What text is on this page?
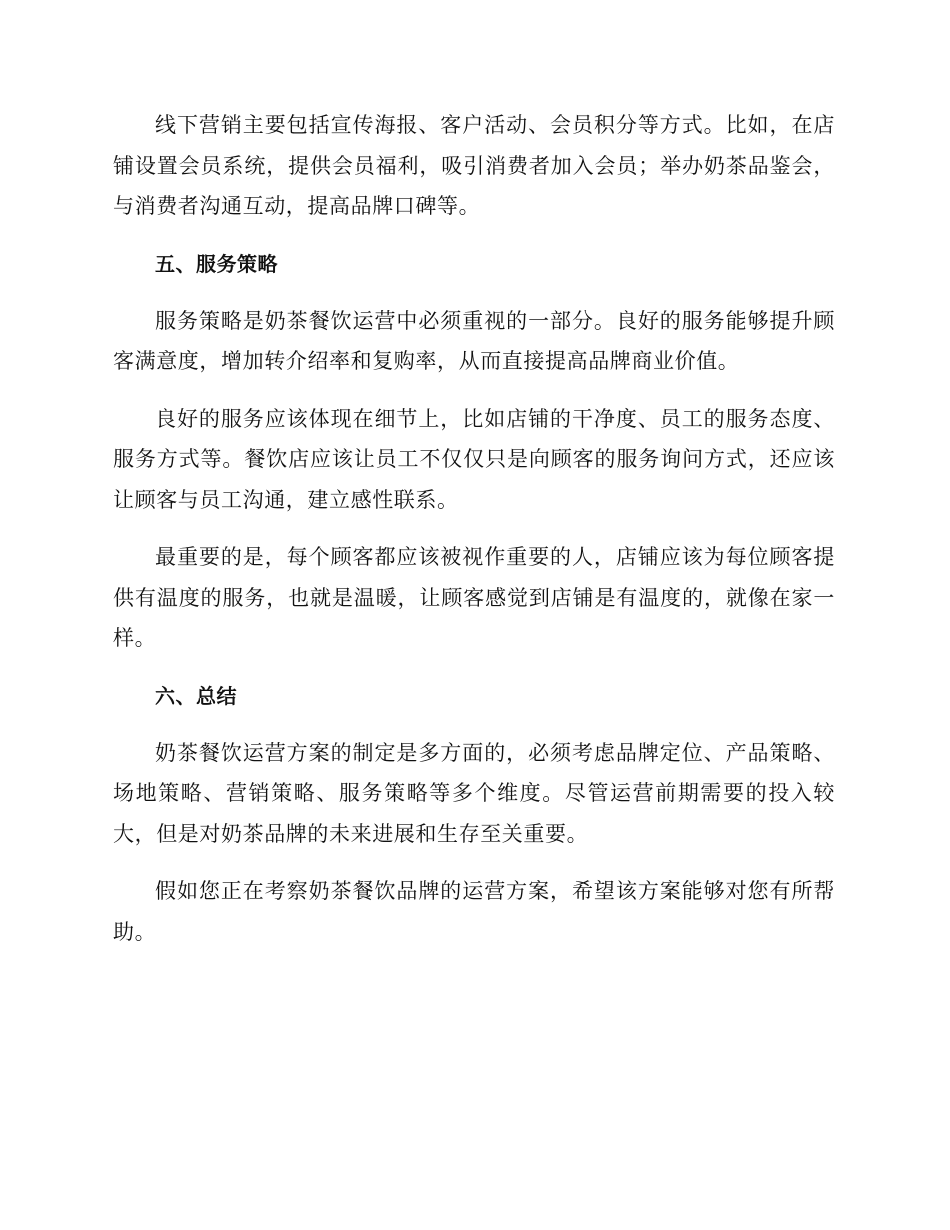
线下营销主要包括宣传海报、客户活动、会员积分等方式。比如，在店铺设置会员系统，提供会员福利，吸引消费者加入会员；举办奶茶品鉴会，与消费者沟通互动，提高品牌口碑等。

五、服务策略

服务策略是奶茶餐饮运营中必须重视的一部分。良好的服务能够提升顾客满意度，增加转介绍率和复购率，从而直接提高品牌商业价值。

良好的服务应该体现在细节上，比如店铺的干净度、员工的服务态度、服务方式等。餐饮店应该让员工不仅仅只是向顾客的服务询问方式，还应该让顾客与员工沟通，建立感性联系。

最重要的是，每个顾客都应该被视作重要的人，店铺应该为每位顾客提供有温度的服务，也就是温暖，让顾客感觉到店铺是有温度的，就像在家一样。

六、总结

奶茶餐饮运营方案的制定是多方面的，必须考虑品牌定位、产品策略、场地策略、营销策略、服务策略等多个维度。尽管运营前期需要的投入较大，但是对奶茶品牌的未来进展和生存至关重要。

假如您正在考察奶茶餐饮品牌的运营方案，希望该方案能够对您有所帮助。
